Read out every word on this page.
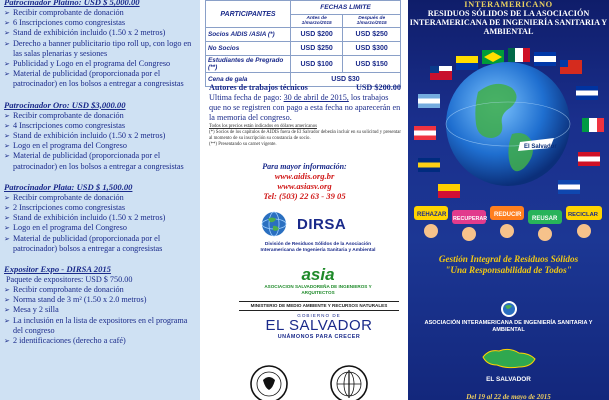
Patrocinador Platino: USD $ 5,000.00
➢ Recibir comprobante de donación
➢ 6 Inscripciones como congresistas
➢ Stand de exhibición incluido (1.50 x 2 metros)
➢ Derecho a banner publicitario tipo roll up, con logo en las salas plenarias y sesiones
➢ Publicidad y Logo en el programa del Congreso
➢ Material de publicidad (proporcionada por el patrocinador) en los bolsos a entregar a congresistas
Patrocinador Oro: USD $3,000.00
➢ Recibir comprobante de donación
➢ 4 Inscripciones como congresistas
➢ Stand de exhibición incluido (1.50 x 2 metros)
➢ Logo en el programa del Congreso
➢ Material de publicidad (proporcionada por el patrocinador) en los bolsos a entregar a congresistas
Patrocinador Plata: USD $ 1,500.00
➢ Recibir comprobante de donación
➢ 2 Inscripciones como congresistas
➢ Stand de exhibición incluido (1.50 x 2 metros)
➢ Logo en el programa del Congreso
➢ Material de publicidad (proporcionada por el patrocinador) bolsos a entregar a congresistas
Expositor Expo - DIRSA 2015
Paquete de expositores: USD $ 750.00
➢ Recibir comprobante de donación
➢ Norma stand de 3 m² (1.50 x 2.0 metros)
➢ Mesa y 2 silla
➢ La inclusión en la lista de expositores en el programa del congreso
➢ 2 identificaciones (derecho a café)
PARTICIPANTES	FECHAS LIMITE	
	Antes de 1/marzo/2015	Después de 1/marzo/2015
Socios AIDIS /ASIA (*)	USD $200	USD $250
No Socios	USD $250	USD $300
Estudiantes de Pregrado (**)	USD $100	USD $150
Cena de gala	USD $30	
Autores de trabajos técnicos	USD $200.00
Ultima fecha de pago: 30 de abril de 2015, los trabajos que no se registren con pago a esta fecha no aparecerán en la memoria del congreso.
Todos los precios están indicados en dólares americanos
(*) Socios de los capítulos de AIDIS fuera de El Salvador deberán incluir en su solicitud y presentar al momento de su inscripción su constancia de socio.
(**) Presentando su carnet vigente.
Para mayor información:
www.aidis.org.br
www.asiasv.org
Tel: (503) 22 63 - 39 05
DIRSA
División de Residuos Sólidos de la Asociación Interamericana de Ingeniería Sanitaria y Ambiental
asia
ASOCIACION SALVADOREÑA DE INGENIEROS Y ARQUITECTOS
MINISTERIO DE MEDIO AMBIENTE Y RECURSOS NATURALES
GOBIERNO DE
EL SALVADOR
UNÁMONOS PARA CRECER
INTERAMERICANO
RESIDUOS SÓLIDOS DE LA ASOCIACIÓN INTERAMERICANA DE INGENIERÍA SANITARIA Y AMBIENTAL
El Salvador
REHAZAR
RECUPERAR
REDUCIR
REUSAR
RECICLAR
Gestión Integral de Residuos Sólidos
"Una Responsabilidad de Todos"
ASOCIACIÓN INTERAMERICANA DE INGENIERÍA SANITARIA Y AMBIENTAL
EL SALVADOR
Del 19 al 22 de mayo de 2015
